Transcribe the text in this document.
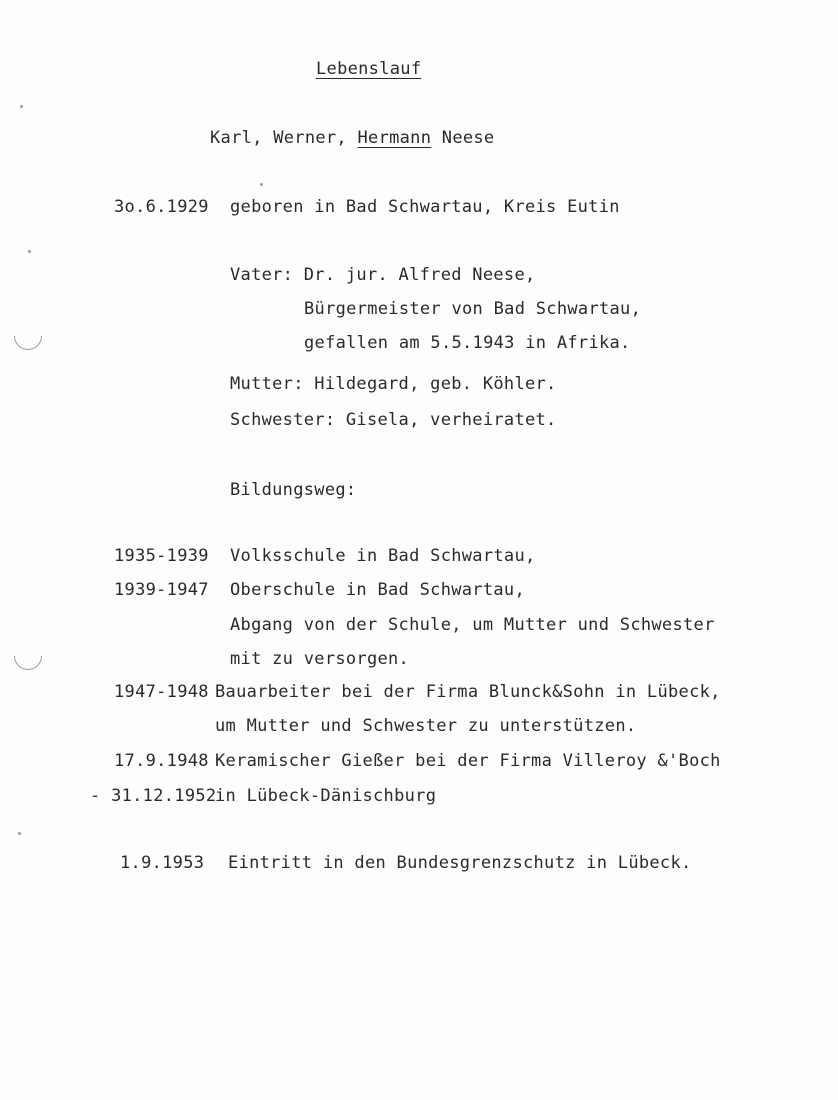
Lebenslauf
Karl, Werner, Hermann Neese
3o.6.1929 geboren in Bad Schwartau, Kreis Eutin
Vater: Dr. jur. Alfred Neese,
Bürgermeister von Bad Schwartau,
gefallen am 5.5.1943 in Afrika.
Mutter: Hildegard, geb. Köhler.
Schwester: Gisela, verheiratet.
Bildungsweg:
1935-1939 Volksschule in Bad Schwartau,
1939-1947 Oberschule in Bad Schwartau,
Abgang von der Schule, um Mutter und Schwester
mit zu versorgen.
1947-1948 Bauarbeiter bei der Firma Blunck&Sohn in Lübeck,
um Mutter und Schwester zu unterstützen.
17.9.1948 Keramischer Gießer bei der Firma Villeroy &'Boch
- 31.12.1952
in Lübeck-Dänischburg
1.9.1953 Eintritt in den Bundesgrenzschutz in Lübeck.
